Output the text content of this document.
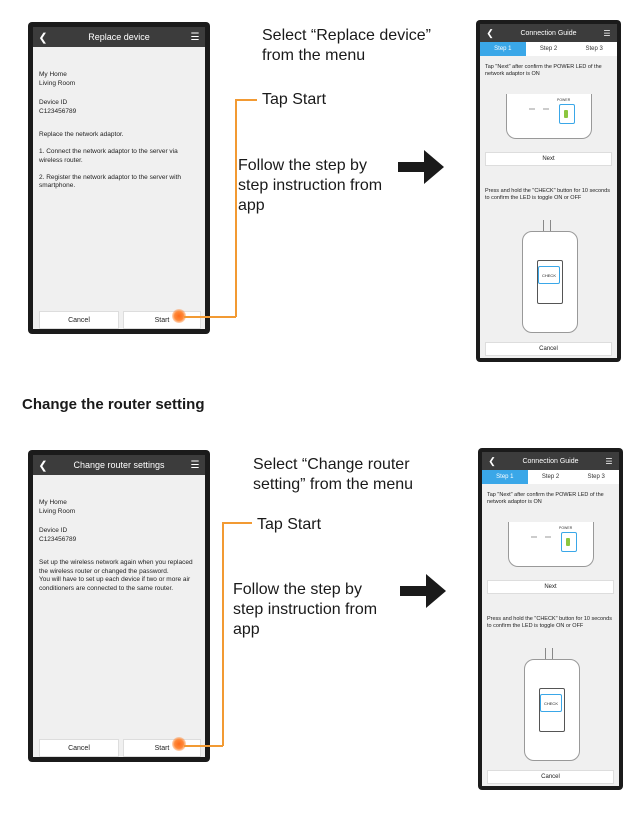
❮	Replace device	☰
My Home
Living Room
Device ID
C123456789
Replace the network adaptor.

1. Connect the network adaptor to the server via wireless router.

2. Register the network adaptor to the server with smartphone.
Cancel	Start
Select “Replace device”
from the menu
Tap Start
Follow the step by
step instruction from
app
❮	Connection Guide	☰
Step 1	Step 2	Step 3
Tap "Next" after confirm the POWER LED of the network adaptor is ON
POWER
Next
Press and hold the "CHECK" button for 10 seconds to confirm the LED is toggle ON or OFF
CHECK
Cancel
Change the router setting
❮	Change router settings	☰
My Home
Living Room
Device ID
C123456789
Set up the wireless network again when you replaced the wireless router or changed the password.
You will have to set up each device if two or more air conditioners are connected to the same router.
Cancel	Start
Select “Change router
setting” from the menu
Tap Start
Follow the step by
step instruction from
app
❮	Connection Guide	☰
Step 1	Step 2	Step 3
Tap "Next" after confirm the POWER LED of the network adaptor is ON
POWER
Next
Press and hold the "CHECK" button for 10 seconds to confirm the LED is toggle ON or OFF
CHECK
Cancel
